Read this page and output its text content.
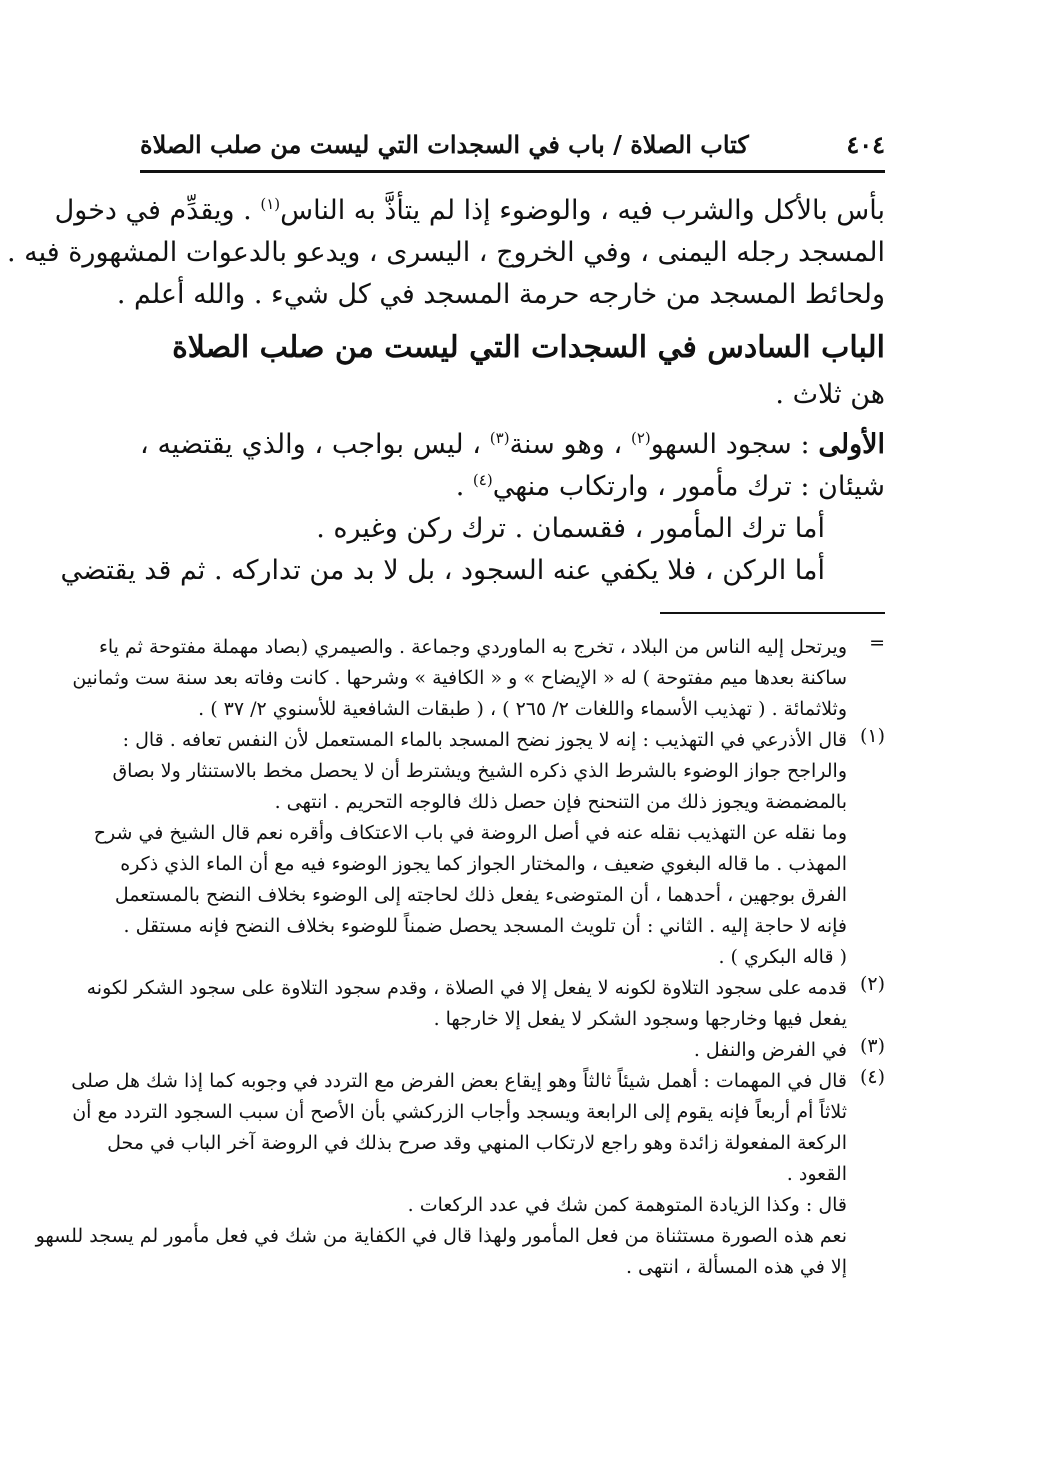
٤٠٤
كتاب الصلاة / باب في السجدات التي ليست من صلب الصلاة

بأس بالأكل والشرب فيه ، والوضوء إذا لم يتأذَّ به الناس$^{(١)}$ . ويقدِّم في دخول

المسجد رجله اليمنى ، وفي الخروج ، اليسرى ، ويدعو بالدعوات المشهورة فيه .

ولحائط المسجد من خارجه حرمة المسجد في كل شيء . والله أعلم .

الباب السادس في السجدات التي ليست من صلب الصلاة

هن ثلاث .

الأولى : سجود السهو$^{(٢)}$ ، وهو سنة$^{(٣)}$ ، ليس بواجب ، والذي يقتضيه ،

شيئان : ترك مأمور ، وارتكاب منهي$^{(٤)}$ .

أما ترك المأمور ، فقسمان . ترك ركن وغيره .

أما الركن ، فلا يكفي عنه السجود ، بل لا بد من تداركه . ثم قد يقتضي

=
ويرتحل إليه الناس من البلاد ، تخرج به الماوردي وجماعة . والصيمري (بصاد مهملة مفتوحة ثم ياء
ساكنة بعدها ميم مفتوحة ) له « الإيضاح » و « الكافية » وشرحها . كانت وفاته بعد سنة ست وثمانين
وثلاثمائة . ( تهذيب الأسماء واللغات ٢/ ٢٦٥ ) ، ( طبقات الشافعية للأسنوي ٢/ ٣٧ ) .
(١)
قال الأذرعي في التهذيب : إنه لا يجوز نضح المسجد بالماء المستعمل لأن النفس تعافه . قال :
والراجح جواز الوضوء بالشرط الذي ذكره الشيخ ويشترط أن لا يحصل مخط بالاستنثار ولا بصاق
بالمضمضة ويجوز ذلك من التنحنح فإن حصل ذلك فالوجه التحريم . انتهى .
وما نقله عن التهذيب نقله عنه في أصل الروضة في باب الاعتكاف وأقره نعم قال الشيخ في شرح
المهذب . ما قاله البغوي ضعيف ، والمختار الجواز كما يجوز الوضوء فيه مع أن الماء الذي ذكره
الفرق بوجهين ، أحدهما ، أن المتوضىء يفعل ذلك لحاجته إلى الوضوء بخلاف النضح بالمستعمل
فإنه لا حاجة إليه . الثاني : أن تلويث المسجد يحصل ضمناً للوضوء بخلاف النضح فإنه مستقل .
( قاله البكري ) .
(٢)
قدمه على سجود التلاوة لكونه لا يفعل إلا في الصلاة ، وقدم سجود التلاوة على سجود الشكر لكونه
يفعل فيها وخارجها وسجود الشكر لا يفعل إلا خارجها .
(٣)
في الفرض والنفل .
(٤)
قال في المهمات : أهمل شيئاً ثالثاً وهو إيقاع بعض الفرض مع التردد في وجوبه كما إذا شك هل صلى
ثلاثاً أم أربعاً فإنه يقوم إلى الرابعة ويسجد وأجاب الزركشي بأن الأصح أن سبب السجود التردد مع أن
الركعة المفعولة زائدة وهو راجع لارتكاب المنهي وقد صرح بذلك في الروضة آخر الباب في محل
القعود .
قال : وكذا الزيادة المتوهمة كمن شك في عدد الركعات .
نعم هذه الصورة مستثناة من فعل المأمور ولهذا قال في الكفاية من شك في فعل مأمور لم يسجد للسهو
إلا في هذه المسألة ، انتهى .
